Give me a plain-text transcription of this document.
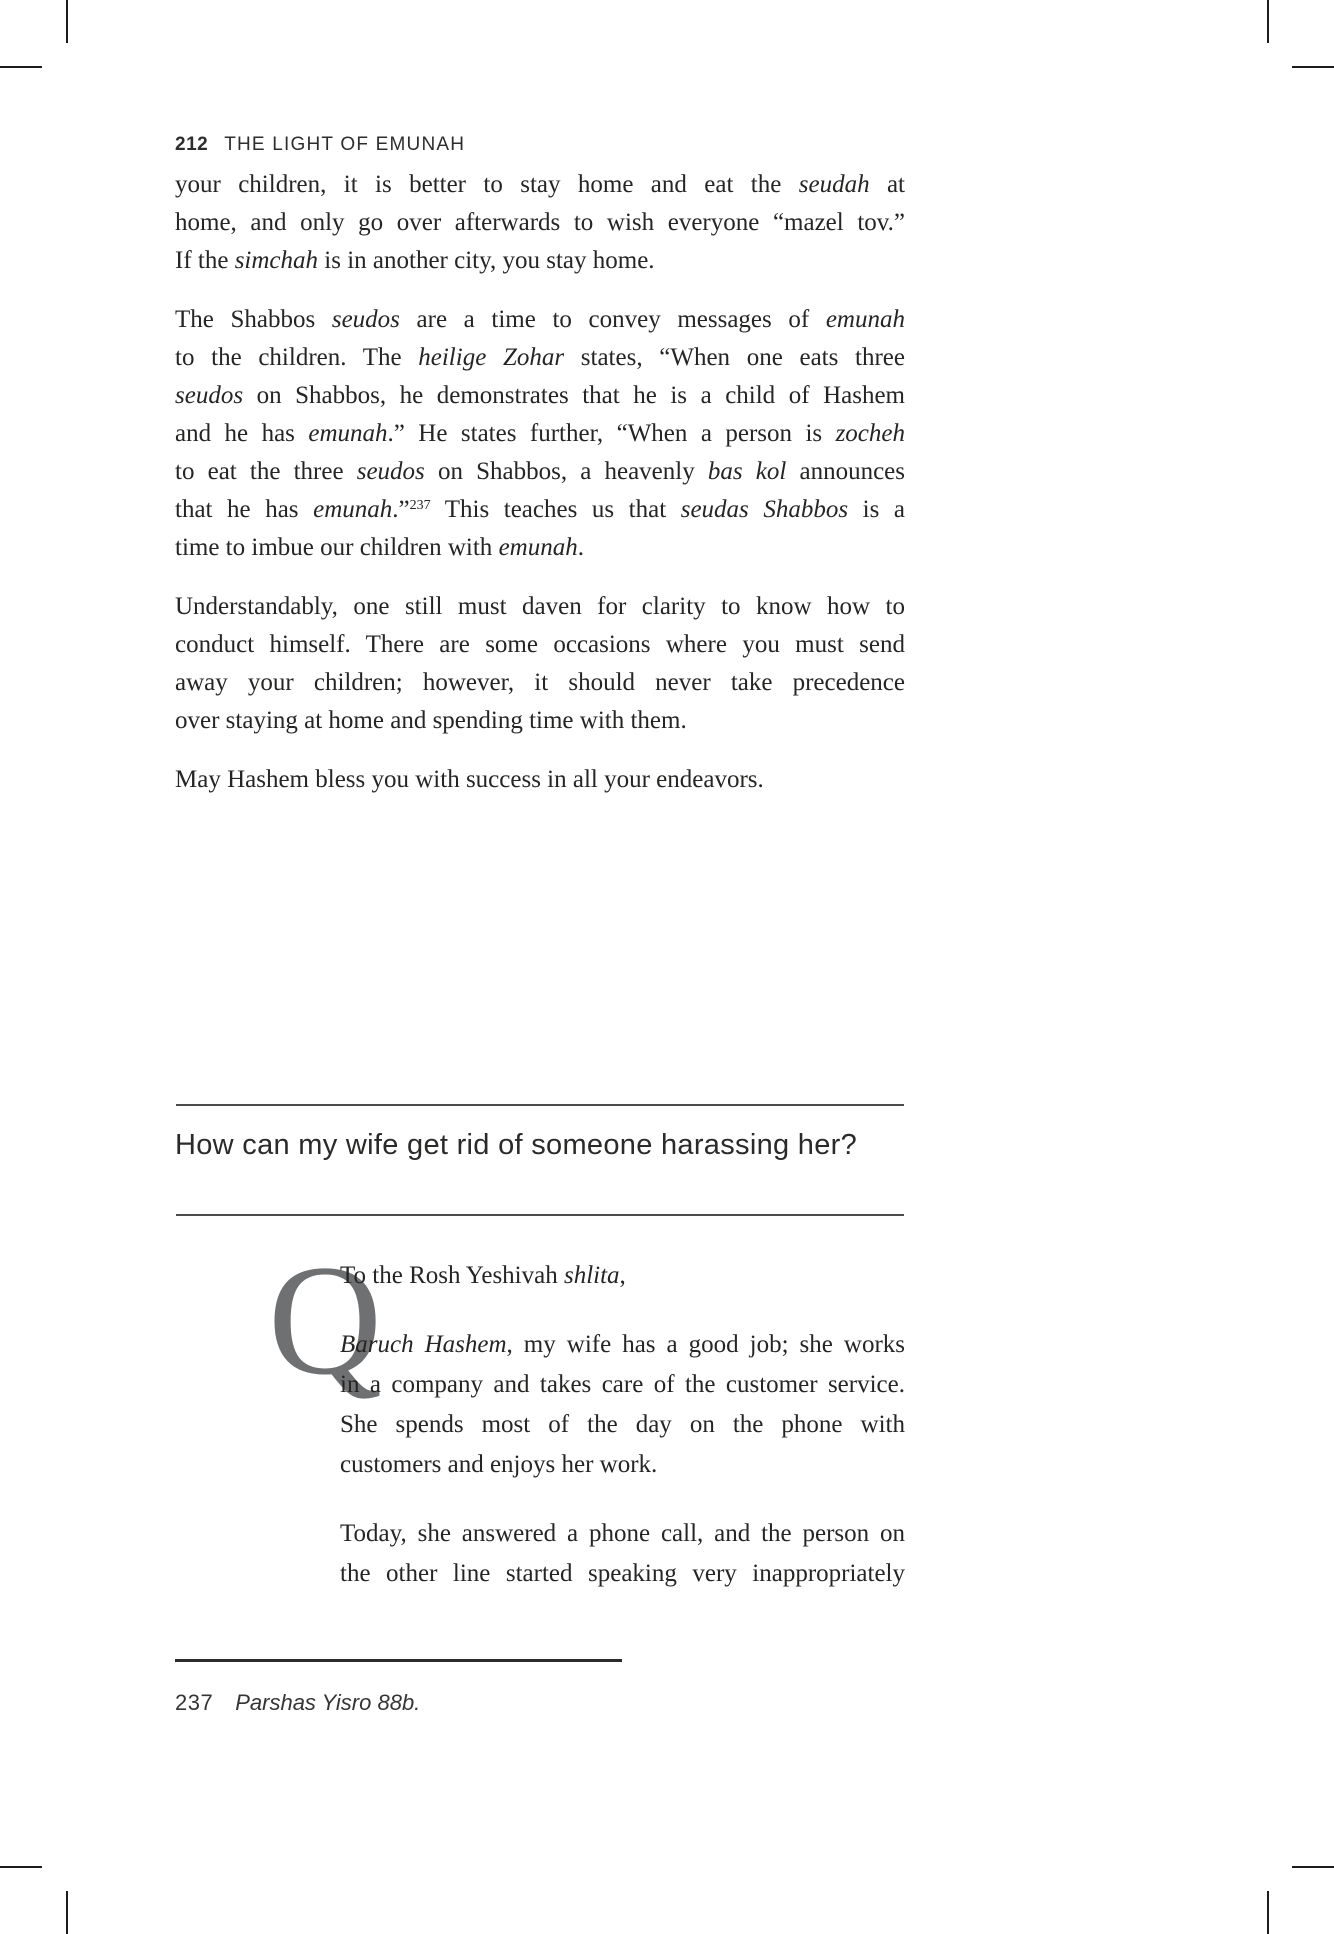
212 THE LIGHT OF EMUNAH
your children, it is better to stay home and eat the seudah at
home, and only go over afterwards to wish everyone “mazel tov.”
If the simchah is in another city, you stay home.
The Shabbos seudos are a time to convey messages of emunah
to the children. The heilige Zohar states, “When one eats three
seudos on Shabbos, he demonstrates that he is a child of Hashem
and he has emunah.” He states further, “When a person is zocheh
to eat the three seudos on Shabbos, a heavenly bas kol announces
that he has emunah.”$^{237}$ This teaches us that seudas Shabbos is a
time to imbue our children with emunah.
Understandably, one still must daven for clarity to know how to
conduct himself. There are some occasions where you must send
away your children; however, it should never take precedence
over staying at home and spending time with them.
May Hashem bless you with success in all your endeavors.
How can my wife get rid of someone harassing her?
Q
To the Rosh Yeshivah shlita,
Baruch Hashem, my wife has a good job; she works
in a company and takes care of the customer service.
She spends most of the day on the phone with
customers and enjoys her work.
Today, she answered a phone call, and the person on
the other line started speaking very inappropriately
237 Parshas Yisro 88b.
